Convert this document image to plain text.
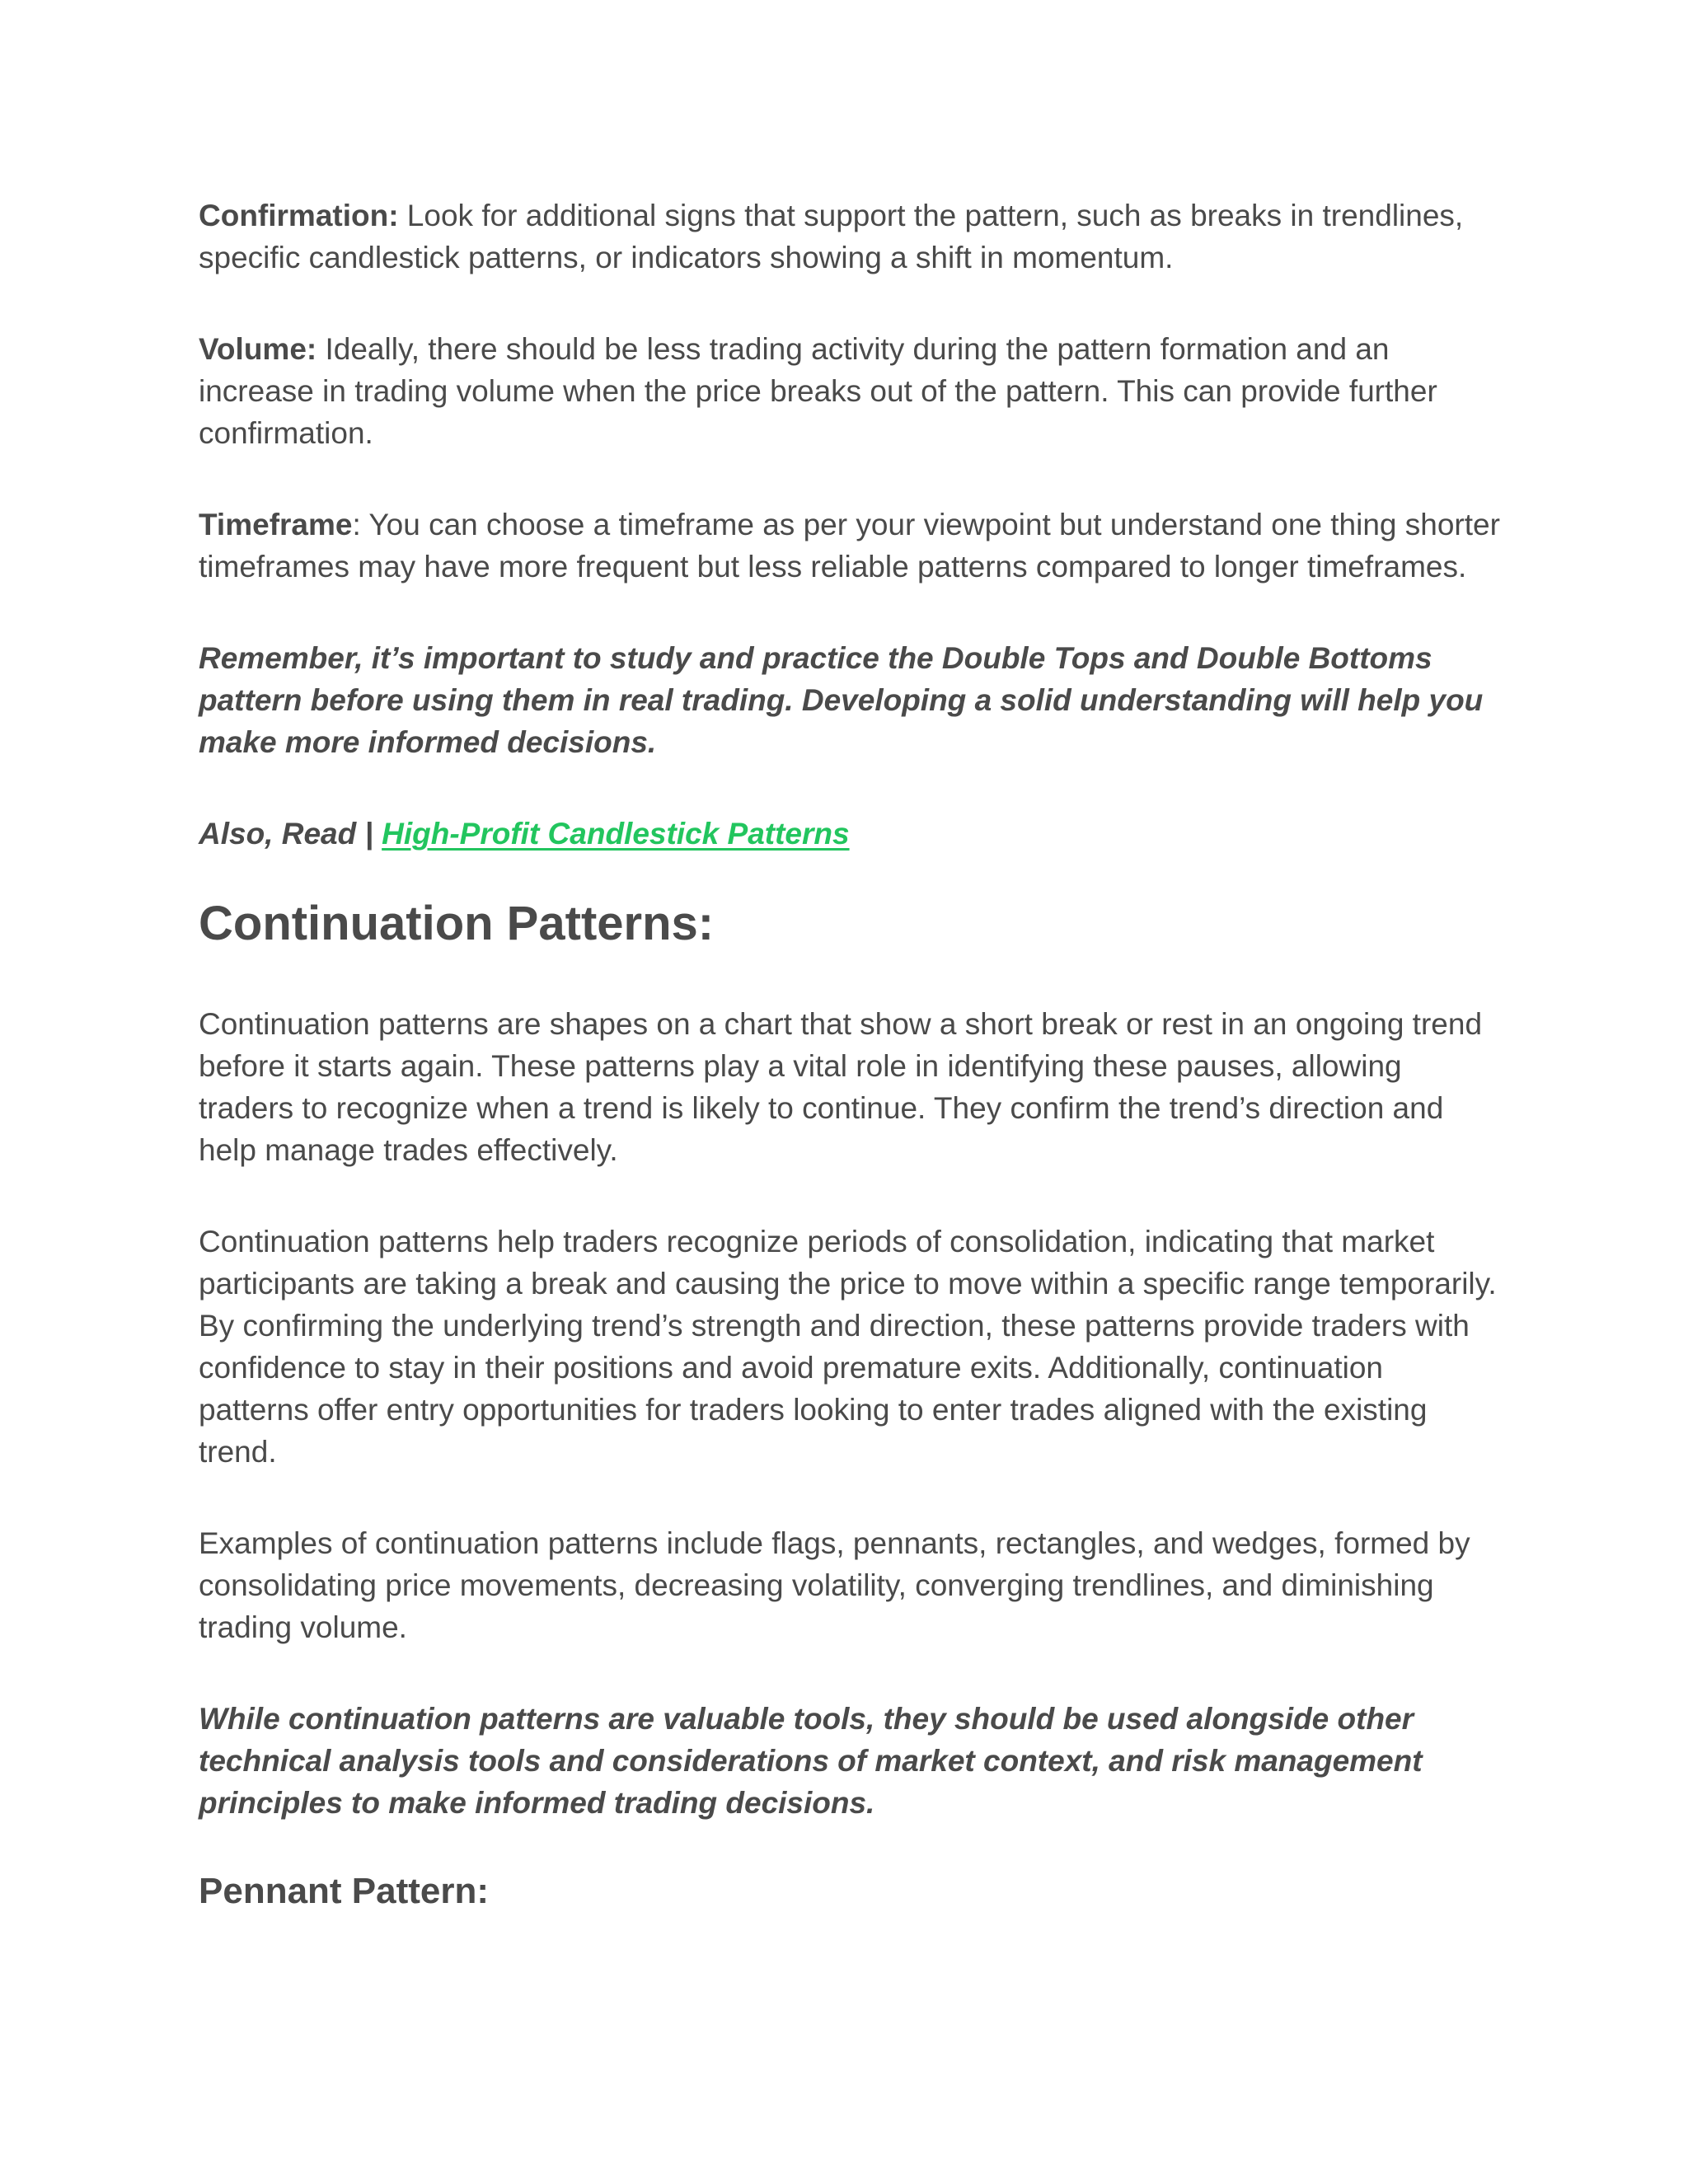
Confirmation: Look for additional signs that support the pattern, such as breaks in trendlines, specific candlestick patterns, or indicators showing a shift in momentum.

Volume: Ideally, there should be less trading activity during the pattern formation and an increase in trading volume when the price breaks out of the pattern. This can provide further confirmation.

Timeframe: You can choose a timeframe as per your viewpoint but understand one thing shorter timeframes may have more frequent but less reliable patterns compared to longer timeframes.

Remember, it’s important to study and practice the Double Tops and Double Bottoms pattern before using them in real trading. Developing a solid understanding will help you make more informed decisions.

Also, Read | High-Profit Candlestick Patterns

Continuation Patterns:

Continuation patterns are shapes on a chart that show a short break or rest in an ongoing trend before it starts again. These patterns play a vital role in identifying these pauses, allowing traders to recognize when a trend is likely to continue. They confirm the trend’s direction and help manage trades effectively.

Continuation patterns help traders recognize periods of consolidation, indicating that market participants are taking a break and causing the price to move within a specific range temporarily. By confirming the underlying trend’s strength and direction, these patterns provide traders with confidence to stay in their positions and avoid premature exits. Additionally, continuation patterns offer entry opportunities for traders looking to enter trades aligned with the existing trend.

Examples of continuation patterns include flags, pennants, rectangles, and wedges, formed by consolidating price movements, decreasing volatility, converging trendlines, and diminishing trading volume.

While continuation patterns are valuable tools, they should be used alongside other technical analysis tools and considerations of market context, and risk management principles to make informed trading decisions.

Pennant Pattern:
